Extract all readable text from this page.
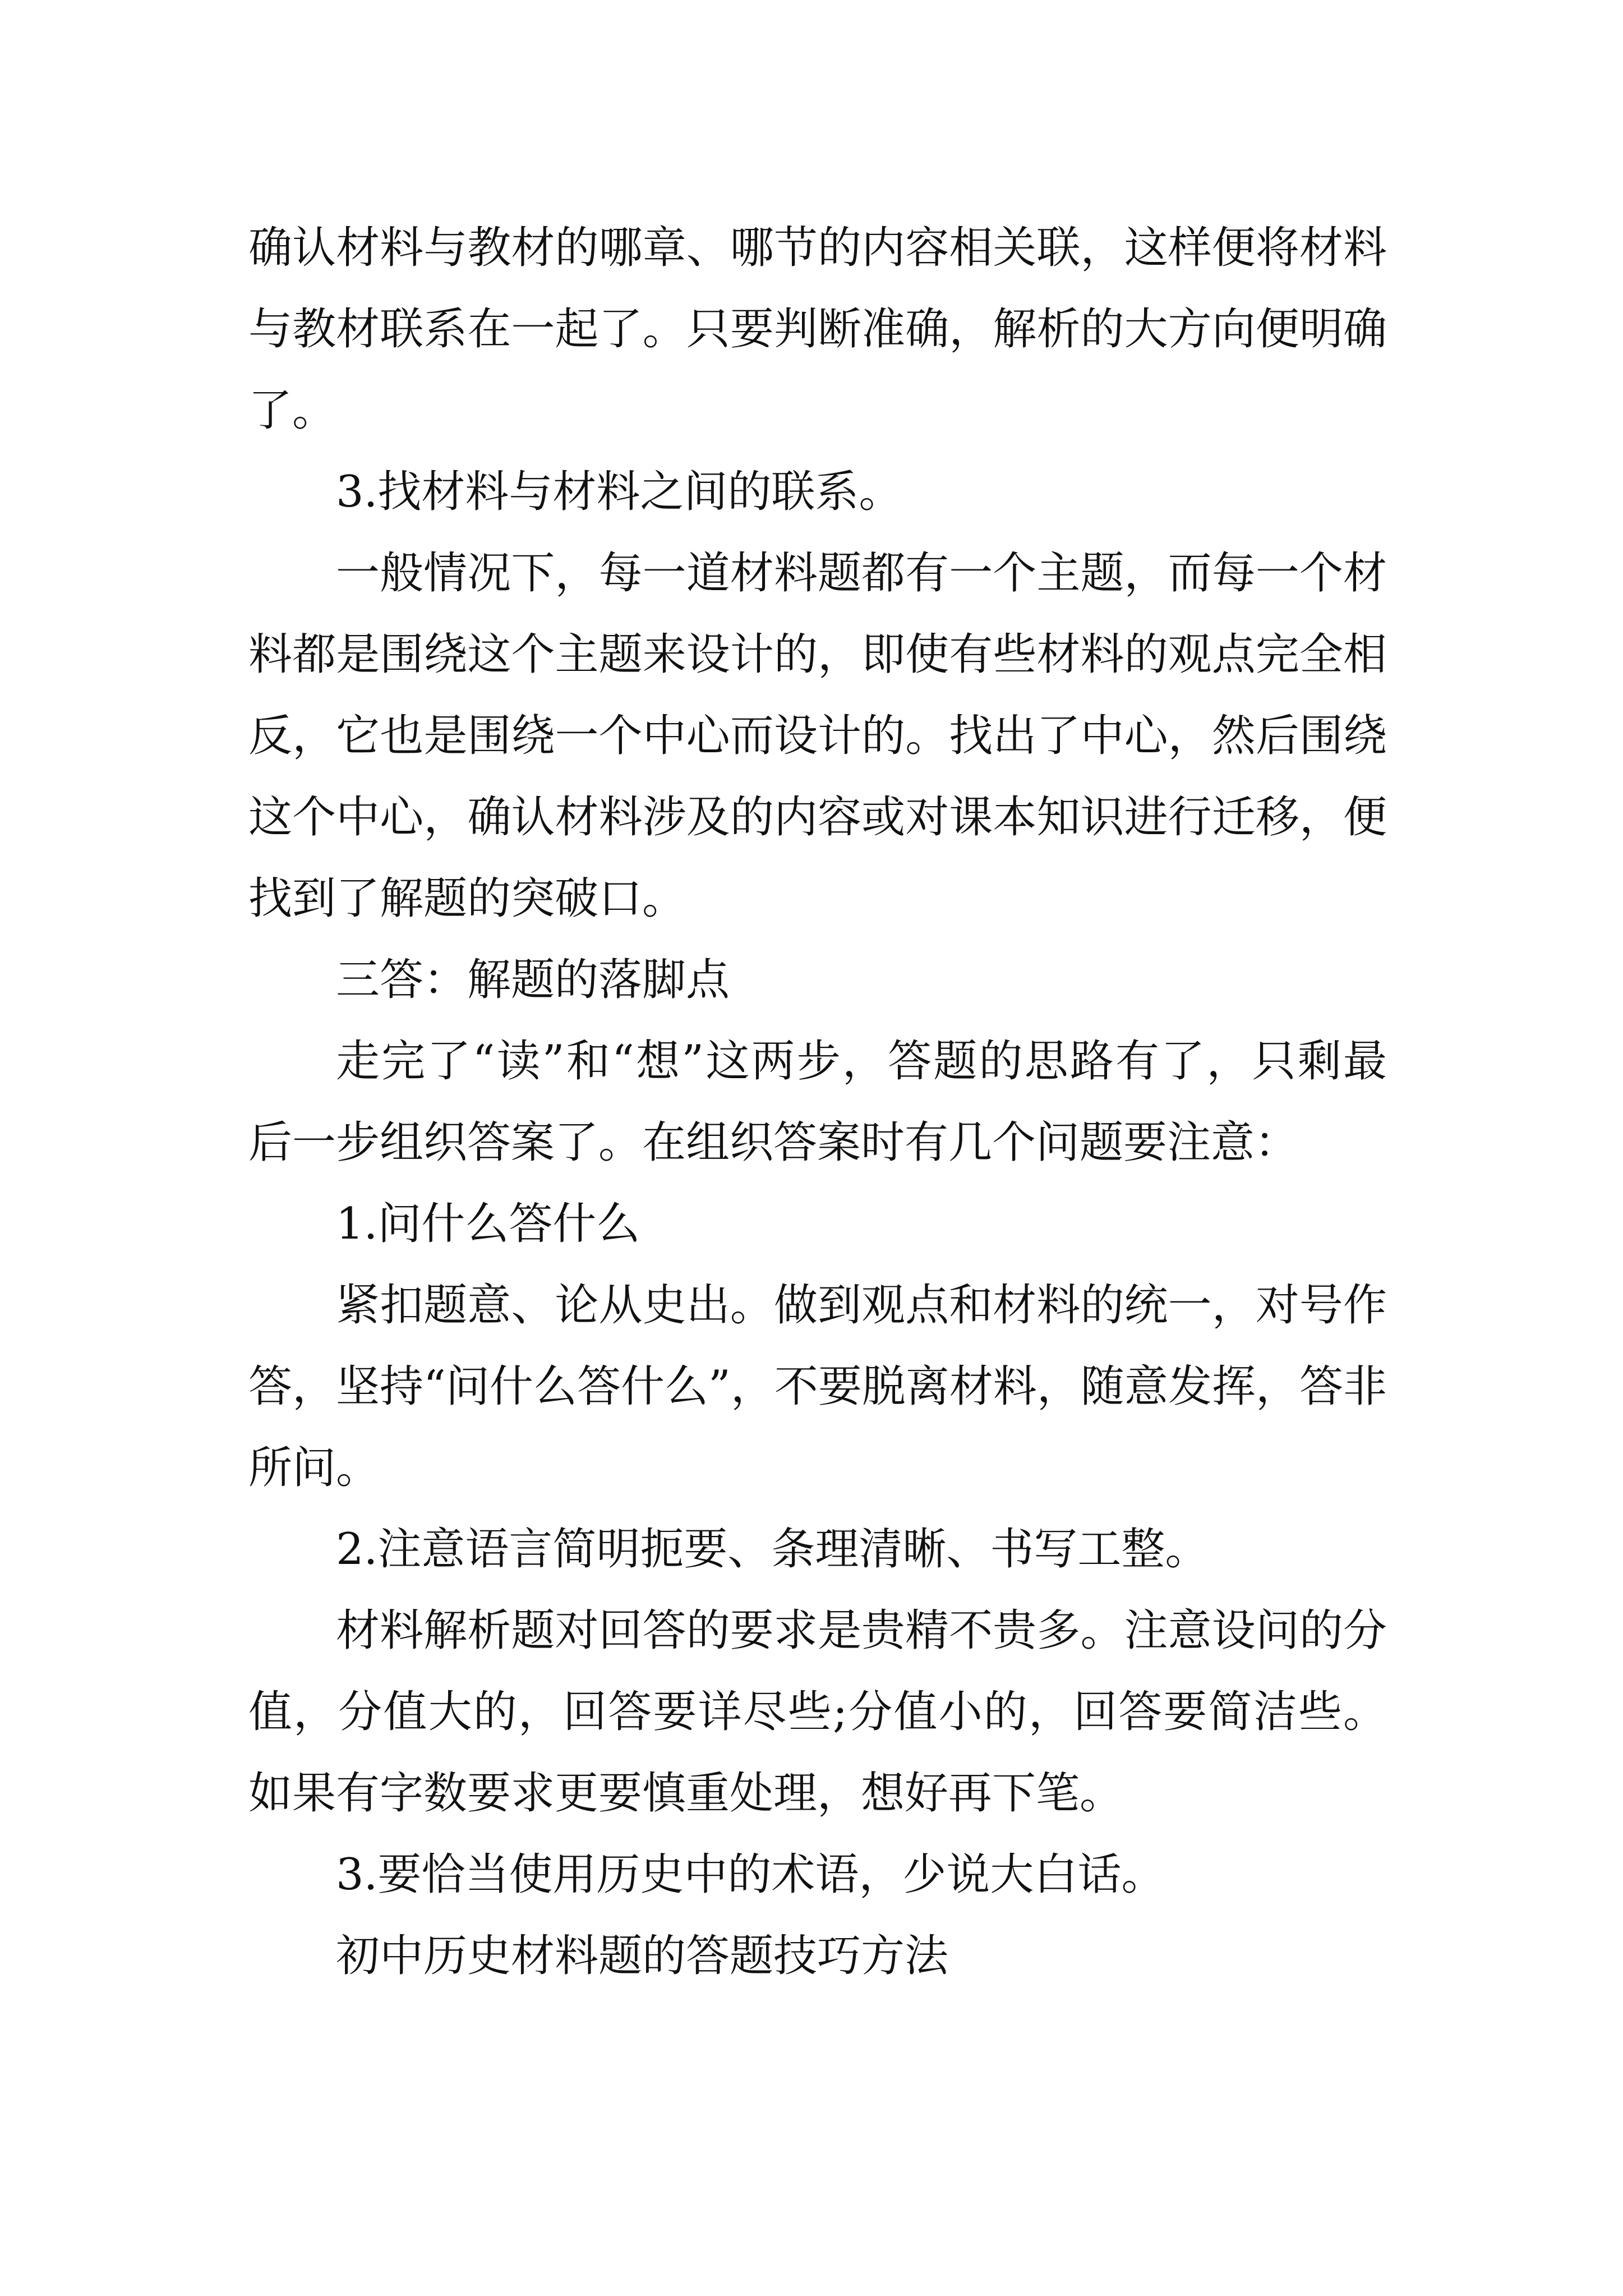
确认材料与教材的哪章、哪节的内容相关联，这样便将材料与教材联系在一起了。只要判断准确，解析的大方向便明确了。

3.找材料与材料之间的联系。

一般情况下，每一道材料题都有一个主题，而每一个材料都是围绕这个主题来设计的，即使有些材料的观点完全相反，它也是围绕一个中心而设计的。找出了中心，然后围绕这个中心，确认材料涉及的内容或对课本知识进行迁移，便找到了解题的突破口。

三答：解题的落脚点

走完了“读”和“想”这两步，答题的思路有了，只剩最后一步组织答案了。在组织答案时有几个问题要注意：

1.问什么答什么

紧扣题意、论从史出。做到观点和材料的统一，对号作答，坚持“问什么答什么”，不要脱离材料，随意发挥，答非所问。

2.注意语言简明扼要、条理清晰、书写工整。

材料解析题对回答的要求是贵精不贵多。注意设问的分值，分值大的，回答要详尽些;分值小的，回答要简洁些。如果有字数要求更要慎重处理，想好再下笔。

3.要恰当使用历史中的术语，少说大白话。

初中历史材料题的答题技巧方法
